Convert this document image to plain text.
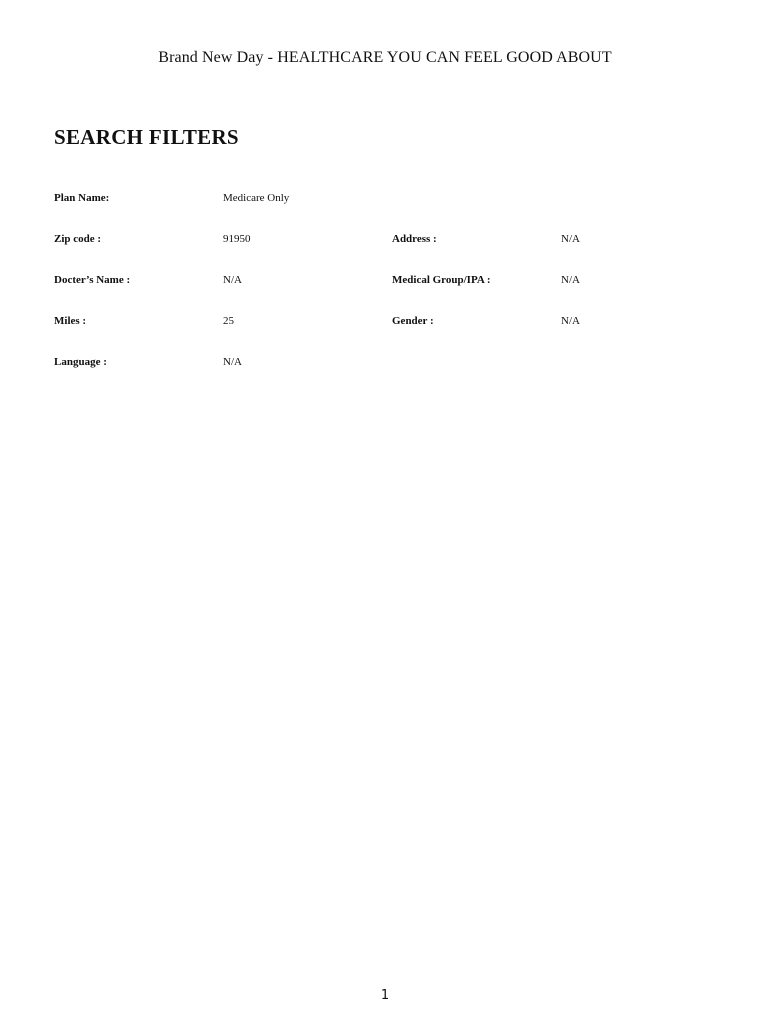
Brand New Day - HEALTHCARE YOU CAN FEEL GOOD ABOUT
SEARCH FILTERS
Plan Name:	Medicare Only
Zip code :	91950	Address :	N/A
Docter’s Name :	N/A	Medical Group/IPA :	N/A
Miles :	25	Gender :	N/A
Language :	N/A
1
